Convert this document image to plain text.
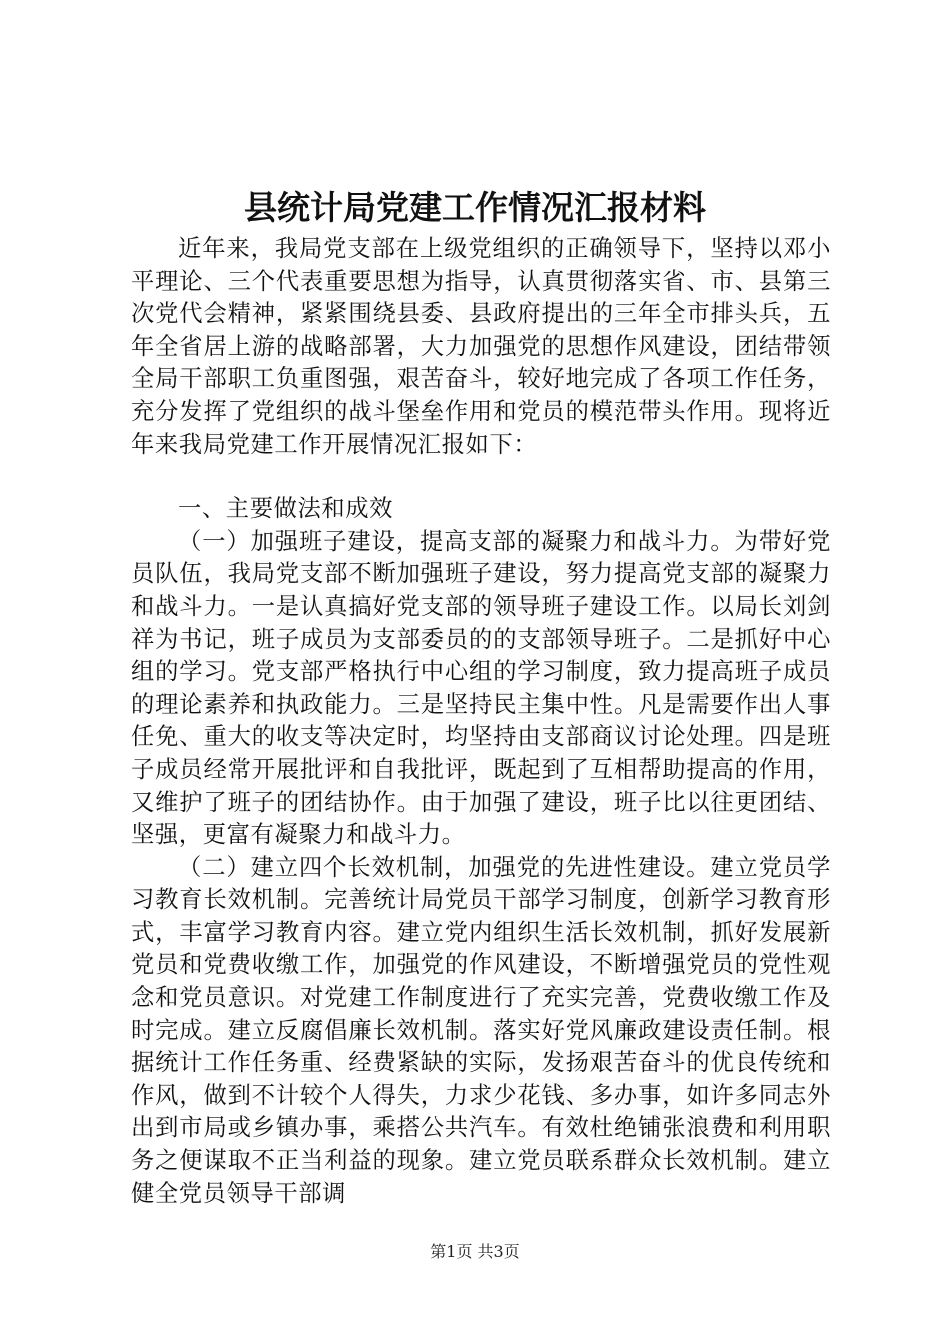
县统计局党建工作情况汇报材料

近年来，我局党支部在上级党组织的正确领导下，坚持以邓小平理论、三个代表重要思想为指导，认真贯彻落实省、市、县第三次党代会精神，紧紧围绕县委、县政府提出的三年全市排头兵，五年全省居上游的战略部署，大力加强党的思想作风建设，团结带领全局干部职工负重图强，艰苦奋斗，较好地完成了各项工作任务，充分发挥了党组织的战斗堡垒作用和党员的模范带头作用。现将近年来我局党建工作开展情况汇报如下：

一、主要做法和成效

（一）加强班子建设，提高支部的凝聚力和战斗力。为带好党员队伍，我局党支部不断加强班子建设，努力提高党支部的凝聚力和战斗力。一是认真搞好党支部的领导班子建设工作。以局长刘剑祥为书记，班子成员为支部委员的的支部领导班子。二是抓好中心组的学习。党支部严格执行中心组的学习制度，致力提高班子成员的理论素养和执政能力。三是坚持民主集中性。凡是需要作出人事任免、重大的收支等决定时，均坚持由支部商议讨论处理。四是班子成员经常开展批评和自我批评，既起到了互相帮助提高的作用，又维护了班子的团结协作。由于加强了建设，班子比以往更团结、坚强，更富有凝聚力和战斗力。

（二）建立四个长效机制，加强党的先进性建设。建立党员学习教育长效机制。完善统计局党员干部学习制度，创新学习教育形式，丰富学习教育内容。建立党内组织生活长效机制，抓好发展新党员和党费收缴工作，加强党的作风建设，不断增强党员的党性观念和党员意识。对党建工作制度进行了充实完善，党费收缴工作及时完成。建立反腐倡廉长效机制。落实好党风廉政建设责任制。根据统计工作任务重、经费紧缺的实际，发扬艰苦奋斗的优良传统和作风，做到不计较个人得失，力求少花钱、多办事，如许多同志外出到市局或乡镇办事，乘搭公共汽车。有效杜绝铺张浪费和利用职务之便谋取不正当利益的现象。建立党员联系群众长效机制。建立健全党员领导干部调

第1页 共3页
